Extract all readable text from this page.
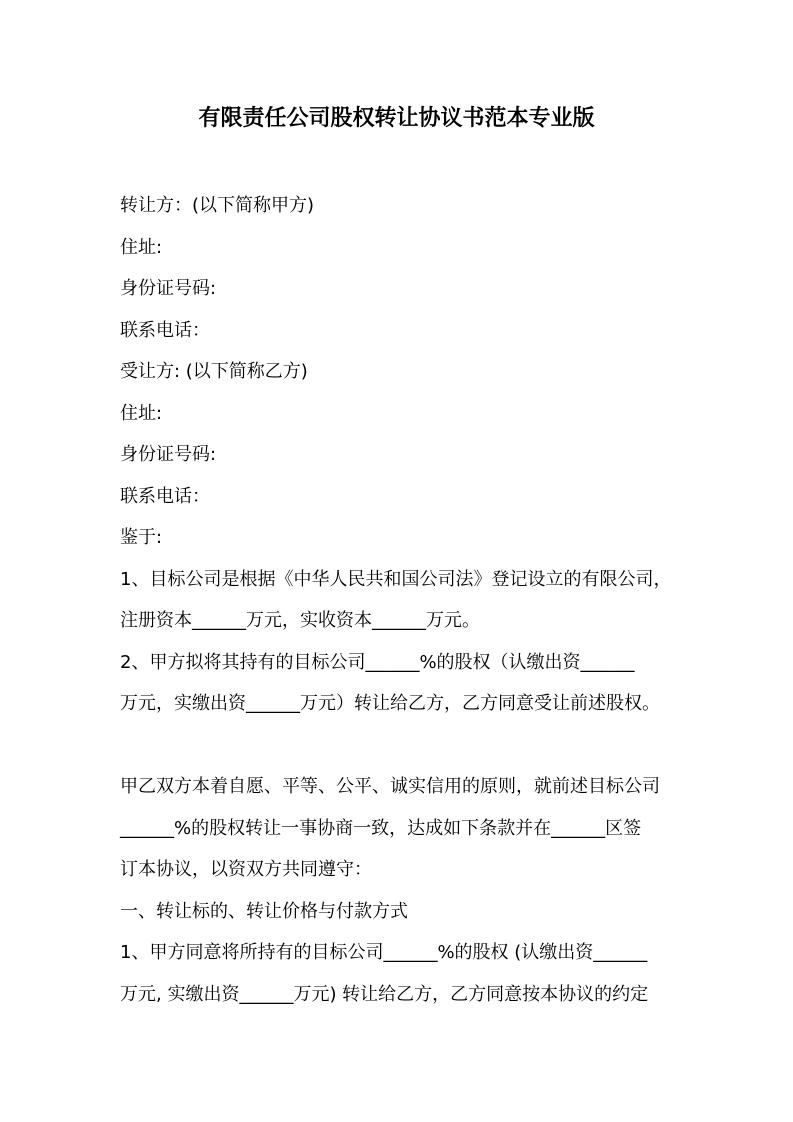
有限责任公司股权转让协议书范本专业版
转让方：(以下简称甲方)
住址:
身份证号码:
联系电话：
受让方: (以下简称乙方)
住址:
身份证号码:
联系电话：
鉴于:
1、目标公司是根据《中华人民共和国公司法》登记设立的有限公司，
注册资本______万元，实收资本______万元。
2、甲方拟将其持有的目标公司______%的股权（认缴出资______
万元，实缴出资______万元）转让给乙方，乙方同意受让前述股权。
甲乙双方本着自愿、平等、公平、诚实信用的原则，就前述目标公司
______%的股权转让一事协商一致，达成如下条款并在______区签
订本协议，以资双方共同遵守：
一、转让标的、转让价格与付款方式
1、甲方同意将所持有的目标公司______%的股权 (认缴出资______
万元, 实缴出资______万元) 转让给乙方，乙方同意按本协议的约定
